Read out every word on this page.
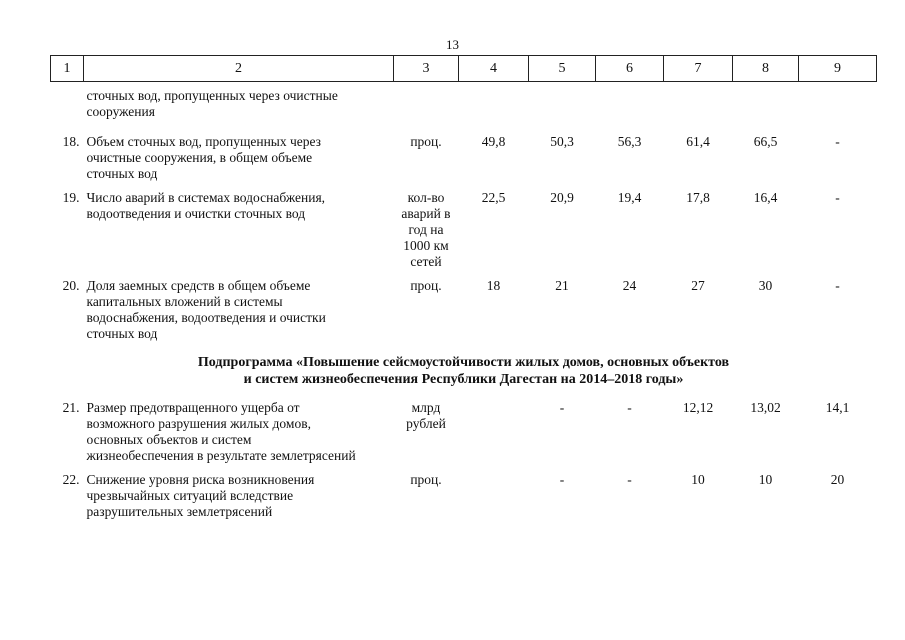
13
1	2	3	4	5	6	7	8	9
	сточных вод, пропущенных через очистные
сооружения							
18.	Объем сточных вод, пропущенных через
очистные сооружения, в общем объеме
сточных вод	проц.	49,8	50,3	56,3	61,4	66,5	-
19.	Число аварий в системах водоснабжения,
водоотведения и очистки сточных вод	кол-во
аварий в
год на
1000 км
сетей	22,5	20,9	19,4	17,8	16,4	-
20.	Доля заемных средств в общем объеме
капитальных вложений в системы
водоснабжения, водоотведения и очистки
сточных вод	проц.	18	21	24	27	30	-
Подпрограмма «Повышение сейсмоустойчивости жилых домов, основных объектов
и систем жизнеобеспечения Республики Дагестан на 2014–2018 годы»								
21.	Размер предотвращенного ущерба от
возможного разрушения жилых домов,
основных объектов и систем
жизнеобеспечения в результате землетрясений	млрд
рублей		-	-	12,12	13,02	14,1
22.	Снижение уровня риска возникновения
чрезвычайных ситуаций вследствие
разрушительных землетрясений	проц.		-	-	10	10	20
